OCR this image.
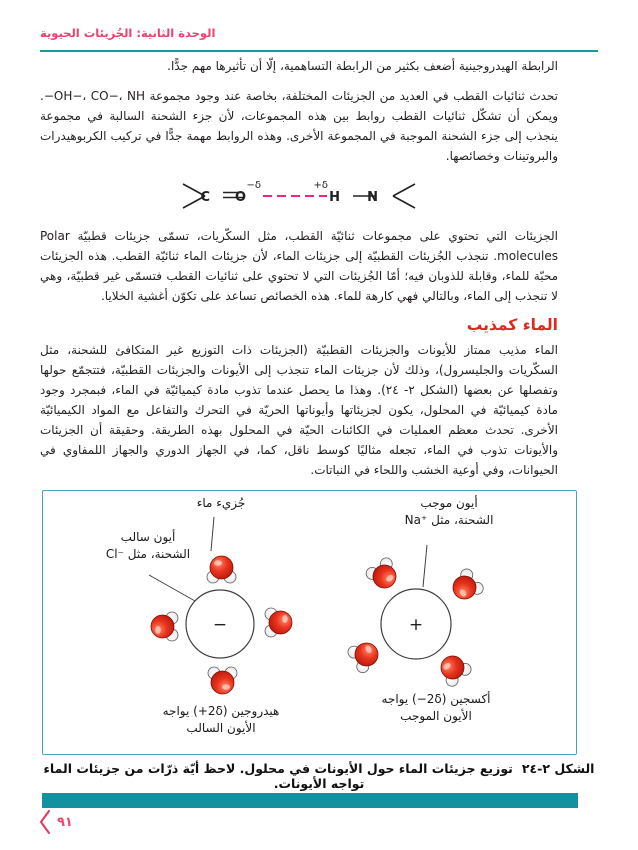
الوحدة الثانية: الجُزيئات الحيوية

الرابطة الهيدروجينية أضعف بكثير من الرابطة التساهمية، إلّا أن تأثيرها مهم جدًّا.

تحدث ثنائيات القطب في العديد من الجزيئات المختلفة، بخاصة عند وجود مجموعة OH−، CO−، NH−. ويمكن أن تشكّل ثنائيات القطب روابط بين هذه المجموعات، لأن جزء الشحنة السالبة في مجموعة ينجذب إلى جزء الشحنة الموجبة في المجموعة الأخرى. وهذه الروابط مهمة جدًّا في تركيب الكربوهيدرات والبروتينات وخصائصها.

C O
δ−	δ+
H N

الجزيئات التي تحتوي على مجموعات ثنائيّة القطب، مثل السكّريات، تسمّى جزيئات قطبيّة Polar molecules. تنجذب الجُزيئات القطبيّة إلى جزيئات الماء، لأن جزيئات الماء ثنائيّة القطب. هذه الجزيئات محبّة للماء، وقابلة للذوبان فيه؛ أمّا الجُزيئات التي لا تحتوي على ثنائيات القطب فتسمّى غير قطبيّة، وهي لا تنجذب إلى الماء، وبالتالي فهي كارهة للماء. هذه الخصائص تساعد على تكوّن أغشية الخلايا.

الماء كمذيب

الماء مذيب ممتاز للأيونات والجزيئات القطبيّة (الجزيئات ذات التوزيع غير المتكافئ للشحنة، مثل السكّريات والجليسرول)، وذلك لأن جزيئات الماء تنجذب إلى الأيونات والجزيئات القطبيّة، فتتجمّع حولها وتفصلها عن بعضها (الشكل ٢- ٢٤). وهذا ما يحصل عندما تذوب مادة كيميائيّة في الماء، فبمجرد وجود مادة كيميائيّة في المحلول، يكون لجزيئاتها وأيوناتها الحريّة في التحرك والتفاعل مع المواد الكيميائيّة الأخرى. تحدث معظم العمليات في الكائنات الحيّة في المحلول بهذه الطريقة. وحقيقة أن الجزيئات والأيونات تذوب في الماء، تجعله مثاليًا كوسط ناقل، كما، في الجهاز الدوري والجهاز اللمفاوي في الحيوانات، وفي أوعية الخشب واللحاء في النباتات.

−	+
جُزيء ماء
أيون سالب
الشحنة، مثل Cl⁻‎
أيون موجب
الشحنة، مثل Na⁺‎
هيدروجين (2δ+) يواجه
الأيون السالب
أكسجين (2δ−) يواجه
الأيون الموجب
الشكل ٢-٢٤توزيع جزيئات الماء حول الأيونات في محلول. لاحظ أيّة ذرّات من جزيئات الماء تواجه الأيونات.
٩١
